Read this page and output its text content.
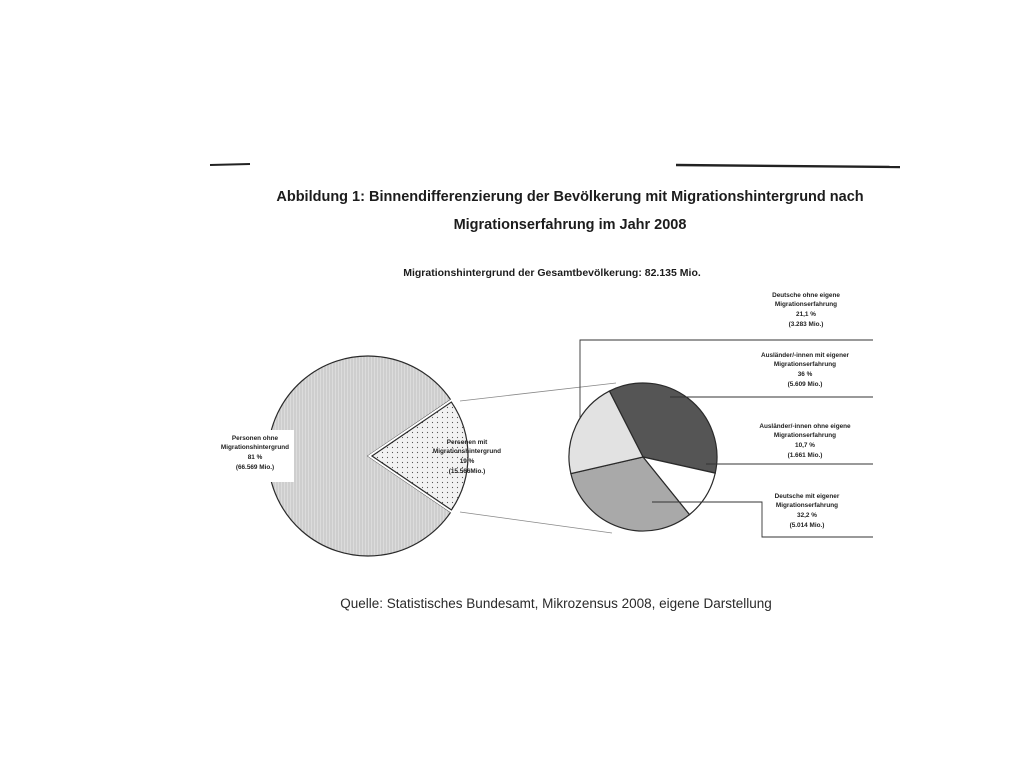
Abbildung 1: Binnendifferenzierung der Bevölkerung mit Migrationshintergrund nach
Migrationserfahrung im Jahr 2008
Migrationshintergrund der Gesamtbevölkerung: 82.135 Mio.
Personen ohne
Migrationshintergrund
81 %
(66.569 Mio.)
Personen mit
Migrationshintergrund
19 %
(15.566Mio.)
Deutsche ohne eigene
Migrationserfahrung
21,1 %
(3.283 Mio.)
Ausländer/-innen mit eigener
Migrationserfahrung
36 %
(5.609 Mio.)
Ausländer/-innen ohne eigene
Migrationserfahrung
10,7 %
(1.661 Mio.)
Deutsche mit eigener
Migrationserfahrung
32,2 %
(5.014 Mio.)
Quelle: Statistisches Bundesamt, Mikrozensus 2008, eigene Darstellung
